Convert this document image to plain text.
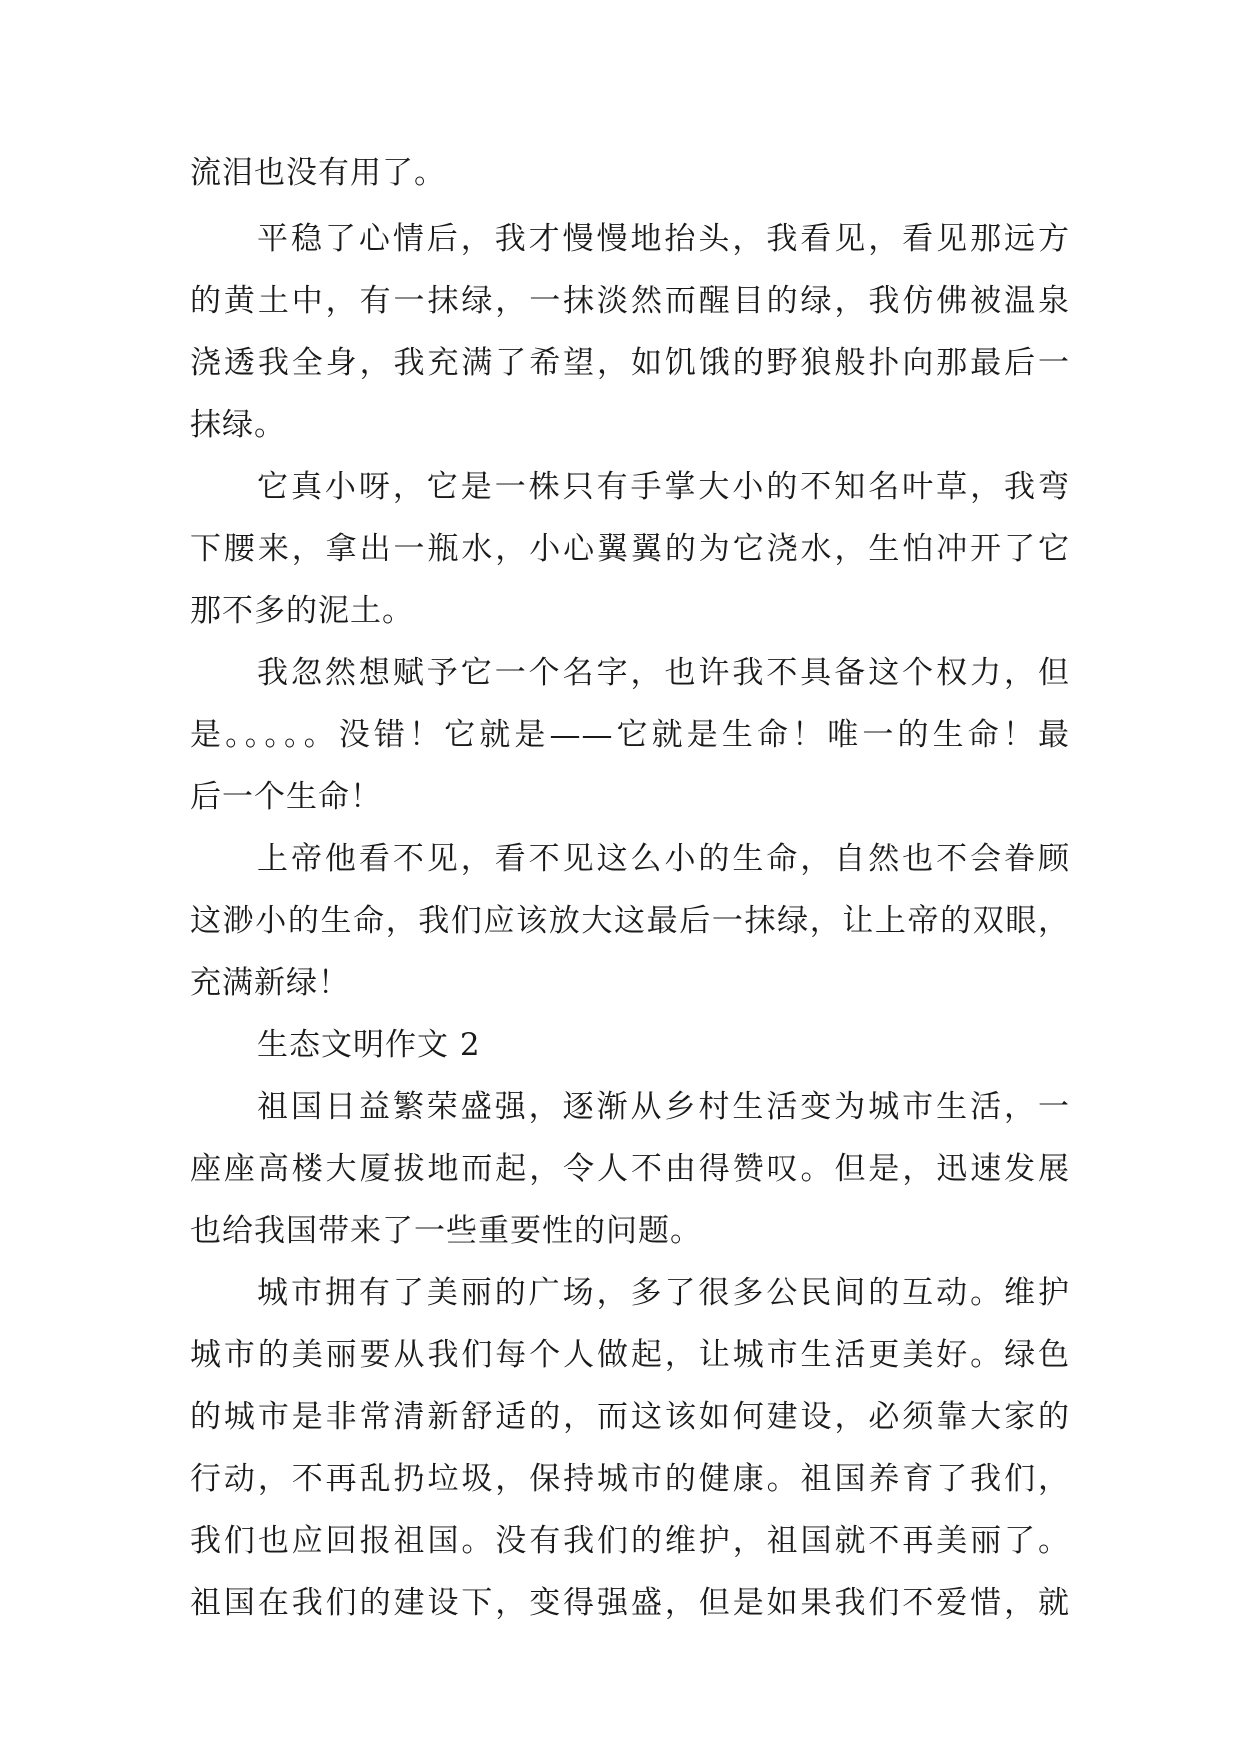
流泪也没有用了。
平稳了心情后，我才慢慢地抬头，我看见，看见那远方
的黄土中，有一抹绿，一抹淡然而醒目的绿，我仿佛被温泉
浇透我全身，我充满了希望，如饥饿的野狼般扑向那最后一
抹绿。
它真小呀，它是一株只有手掌大小的不知名叶草，我弯
下腰来，拿出一瓶水，小心翼翼的为它浇水，生怕冲开了它
那不多的泥土。
我忽然想赋予它一个名字，也许我不具备这个权力，但
是。。。。。没错！它就是——它就是生命！唯一的生命！最
后一个生命！
上帝他看不见，看不见这么小的生命，自然也不会眷顾
这渺小的生命，我们应该放大这最后一抹绿，让上帝的双眼，
充满新绿！
生态文明作文 2
祖国日益繁荣盛强，逐渐从乡村生活变为城市生活，一
座座高楼大厦拔地而起，令人不由得赞叹。但是，迅速发展
也给我国带来了一些重要性的问题。
城市拥有了美丽的广场，多了很多公民间的互动。维护
城市的美丽要从我们每个人做起，让城市生活更美好。绿色
的城市是非常清新舒适的，而这该如何建设，必须靠大家的
行动，不再乱扔垃圾，保持城市的健康。祖国养育了我们，
我们也应回报祖国。没有我们的维护，祖国就不再美丽了。
祖国在我们的建设下，变得强盛，但是如果我们不爱惜，就
